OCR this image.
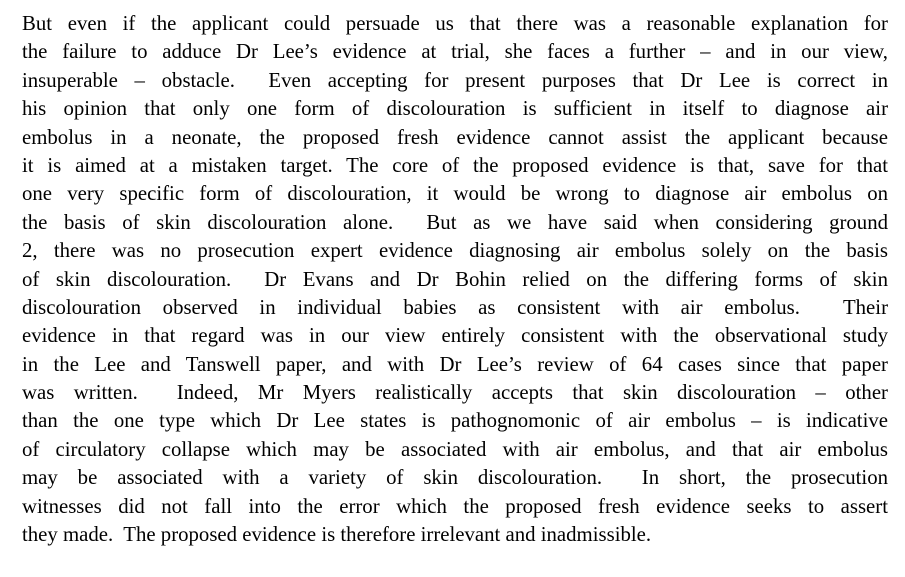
But even if the applicant could persuade us that there was a reasonable explanation for
the failure to adduce Dr Lee’s evidence at trial, she faces a further – and in our view,
insuperable – obstacle.  Even accepting for present purposes that Dr Lee is correct in
his opinion that only one form of discolouration is sufficient in itself to diagnose air
embolus in a neonate, the proposed fresh evidence cannot assist the applicant because
it is aimed at a mistaken target. The core of the proposed evidence is that, save for that
one very specific form of discolouration, it would be wrong to diagnose air embolus on
the basis of skin discolouration alone.  But as we have said when considering ground
2, there was no prosecution expert evidence diagnosing air embolus solely on the basis
of skin discolouration.  Dr Evans and Dr Bohin relied on the differing forms of skin
discolouration observed in individual babies as consistent with air embolus.  Their
evidence in that regard was in our view entirely consistent with the observational study
in the Lee and Tanswell paper, and with Dr Lee’s review of 64 cases since that paper
was written.  Indeed, Mr Myers realistically accepts that skin discolouration – other
than the one type which Dr Lee states is pathognomonic of air embolus – is indicative
of circulatory collapse which may be associated with air embolus, and that air embolus
may be associated with a variety of skin discolouration.  In short, the prosecution
witnesses did not fall into the error which the proposed fresh evidence seeks to assert
they made.  The proposed evidence is therefore irrelevant and inadmissible.
